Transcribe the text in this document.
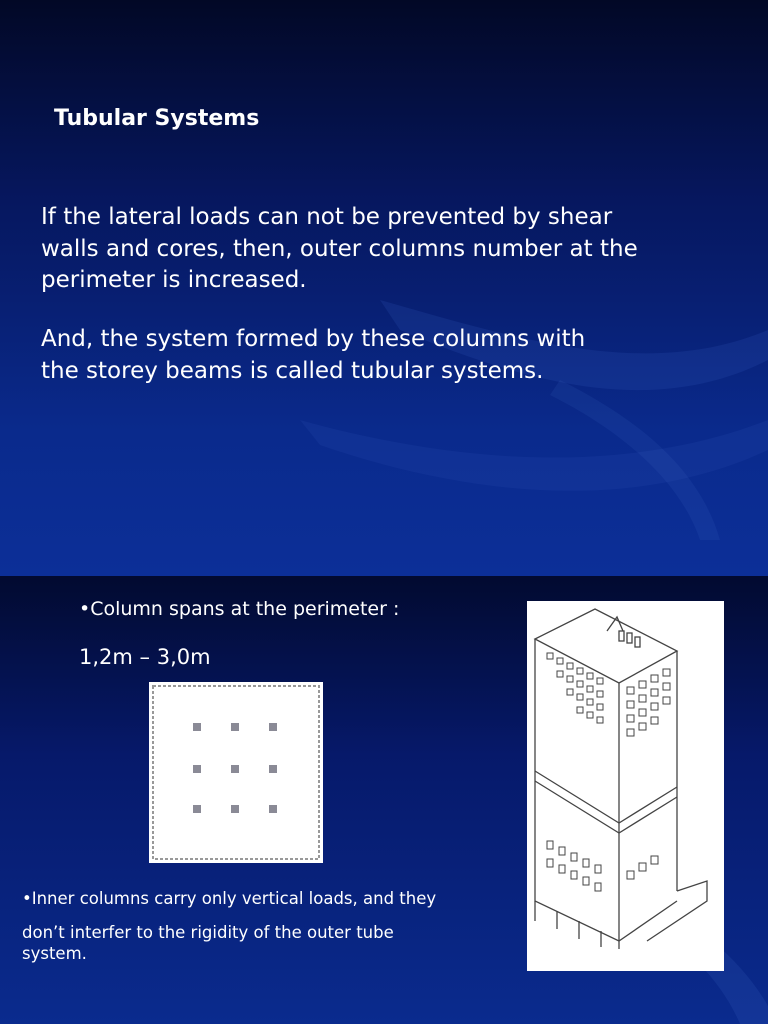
Tubular Systems

If the lateral loads can not be prevented by shear
walls and cores, then, outer columns number at the
perimeter is increased.

And, the system formed by these columns with
the storey beams is called tubular systems.

•Column spans at the perimeter :

1,2m – 3,0m

•Inner columns carry only vertical loads, and they
don’t interfer to the rigidity of the outer tube

system.
